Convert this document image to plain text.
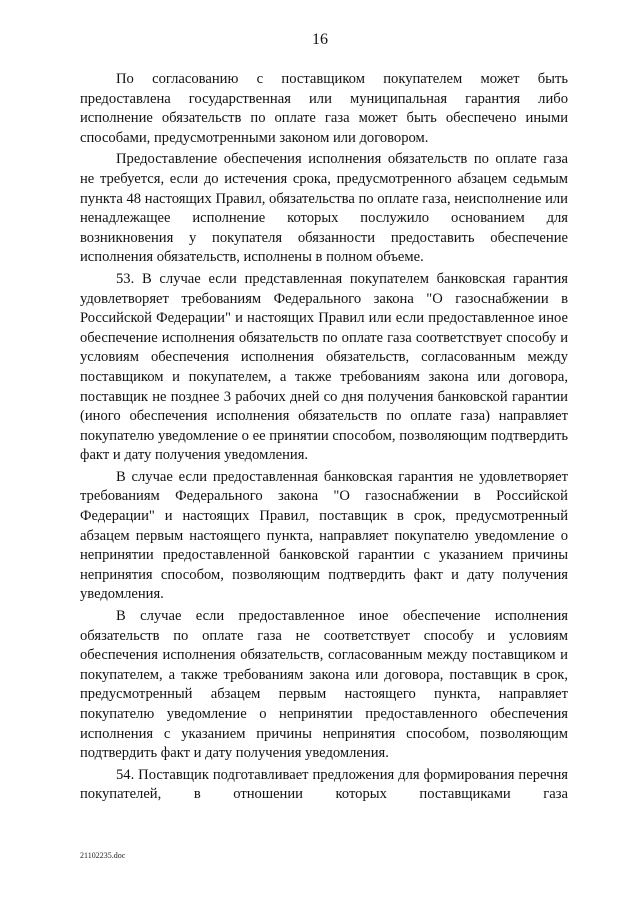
16

По согласованию с поставщиком покупателем может быть предоставлена государственная или муниципальная гарантия либо исполнение обязательств по оплате газа может быть обеспечено иными способами, предусмотренными законом или договором.

Предоставление обеспечения исполнения обязательств по оплате газа не требуется, если до истечения срока, предусмотренного абзацем седьмым пункта 48 настоящих Правил, обязательства по оплате газа, неисполнение или ненадлежащее исполнение которых послужило основанием для возникновения у покупателя обязанности предоставить обеспечение исполнения обязательств, исполнены в полном объеме.

53. В случае если представленная покупателем банковская гарантия удовлетворяет требованиям Федерального закона "О газоснабжении в Российской Федерации" и настоящих Правил или если предоставленное иное обеспечение исполнения обязательств по оплате газа соответствует способу и условиям обеспечения исполнения обязательств, согласованным между поставщиком и покупателем, а также требованиям закона или договора, поставщик не позднее 3 рабочих дней со дня получения банковской гарантии (иного обеспечения исполнения обязательств по оплате газа) направляет покупателю уведомление о ее принятии способом, позволяющим подтвердить факт и дату получения уведомления.

В случае если предоставленная банковская гарантия не удовлетворяет требованиям Федерального закона "О газоснабжении в Российской Федерации" и настоящих Правил, поставщик в срок, предусмотренный абзацем первым настоящего пункта, направляет покупателю уведомление о непринятии предоставленной банковской гарантии с указанием причины непринятия способом, позволяющим подтвердить факт и дату получения уведомления.

В случае если предоставленное иное обеспечение исполнения обязательств по оплате газа не соответствует способу и условиям обеспечения исполнения обязательств, согласованным между поставщиком и покупателем, а также требованиям закона или договора, поставщик в срок, предусмотренный абзацем первым настоящего пункта, направляет покупателю уведомление о непринятии предоставленного обеспечения исполнения с указанием причины непринятия способом, позволяющим подтвердить факт и дату получения уведомления.

54. Поставщик подготавливает предложения для формирования перечня покупателей, в отношении которых поставщиками газа

21102235.doc
